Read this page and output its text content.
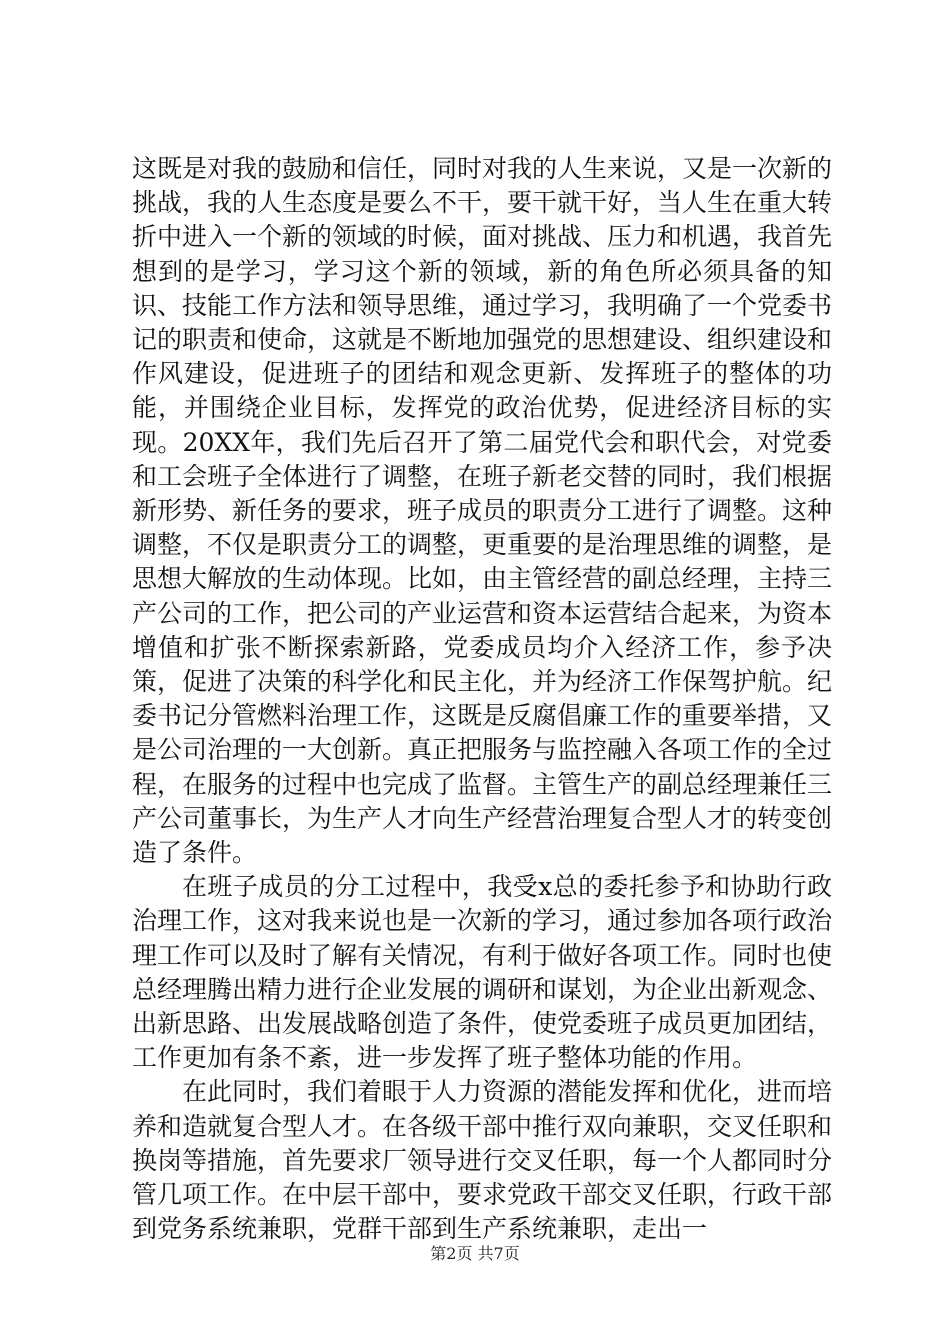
这既是对我的鼓励和信任，同时对我的人生来说，又是一次新的挑战，我的人生态度是要么不干，要干就干好，当人生在重大转折中进入一个新的领域的时候，面对挑战、压力和机遇，我首先想到的是学习，学习这个新的领域，新的角色所必须具备的知识、技能工作方法和领导思维，通过学习，我明确了一个党委书记的职责和使命，这就是不断地加强党的思想建设、组织建设和作风建设，促进班子的团结和观念更新、发挥班子的整体的功能，并围绕企业目标，发挥党的政治优势，促进经济目标的实现。20XX年，我们先后召开了第二届党代会和职代会，对党委和工会班子全体进行了调整，在班子新老交替的同时，我们根据新形势、新任务的要求，班子成员的职责分工进行了调整。这种调整，不仅是职责分工的调整，更重要的是治理思维的调整，是思想大解放的生动体现。比如，由主管经营的副总经理，主持三产公司的工作，把公司的产业运营和资本运营结合起来，为资本增值和扩张不断探索新路，党委成员均介入经济工作，参予决策，促进了决策的科学化和民主化，并为经济工作保驾护航。纪委书记分管燃料治理工作，这既是反腐倡廉工作的重要举措，又是公司治理的一大创新。真正把服务与监控融入各项工作的全过程，在服务的过程中也完成了监督。主管生产的副总经理兼任三产公司董事长，为生产人才向生产经营治理复合型人才的转变创造了条件。

在班子成员的分工过程中，我受x总的委托参予和协助行政治理工作，这对我来说也是一次新的学习，通过参加各项行政治理工作可以及时了解有关情况，有利于做好各项工作。同时也使总经理腾出精力进行企业发展的调研和谋划，为企业出新观念、出新思路、出发展战略创造了条件，使党委班子成员更加团结，工作更加有条不紊，进一步发挥了班子整体功能的作用。

在此同时，我们着眼于人力资源的潜能发挥和优化，进而培养和造就复合型人才。在各级干部中推行双向兼职，交叉任职和换岗等措施，首先要求厂领导进行交叉任职，每一个人都同时分管几项工作。在中层干部中，要求党政干部交叉任职，行政干部到党务系统兼职，党群干部到生产系统兼职，走出一

第2页 共7页
